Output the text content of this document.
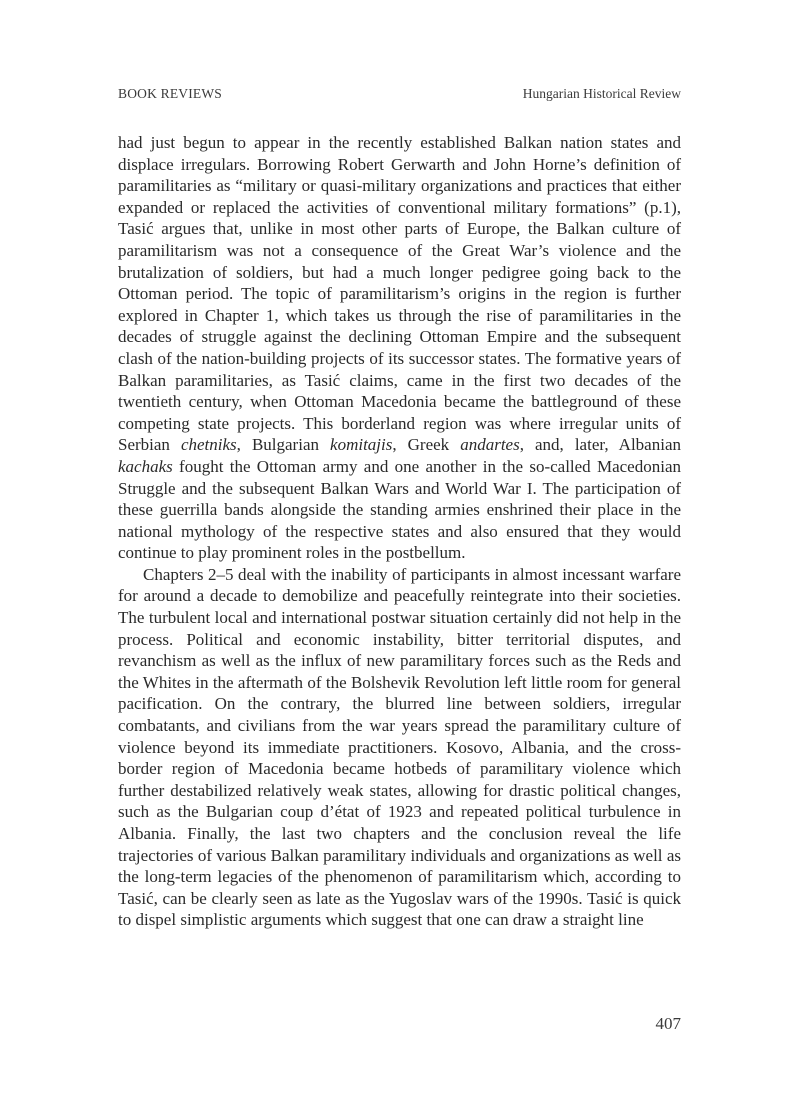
BOOK REVIEWS	Hungarian Historical Review

had just begun to appear in the recently established Balkan nation states and displace irregulars. Borrowing Robert Gerwarth and John Horne’s definition of paramilitaries as “military or quasi-military organizations and practices that either expanded or replaced the activities of conventional military formations” (p.1), Tasić argues that, unlike in most other parts of Europe, the Balkan culture of paramilitarism was not a consequence of the Great War’s violence and the brutalization of soldiers, but had a much longer pedigree going back to the Ottoman period. The topic of paramilitarism’s origins in the region is further explored in Chapter 1, which takes us through the rise of paramilitaries in the decades of struggle against the declining Ottoman Empire and the subsequent clash of the nation-building projects of its successor states. The formative years of Balkan paramilitaries, as Tasić claims, came in the first two decades of the twentieth century, when Ottoman Macedonia became the battleground of these competing state projects. This borderland region was where irregular units of Serbian chetniks, Bulgarian komitajis, Greek andartes, and, later, Albanian kachaks fought the Ottoman army and one another in the so-called Macedonian Struggle and the subsequent Balkan Wars and World War I. The participation of these guerrilla bands alongside the standing armies enshrined their place in the national mythology of the respective states and also ensured that they would continue to play prominent roles in the postbellum.

Chapters 2–5 deal with the inability of participants in almost incessant warfare for around a decade to demobilize and peacefully reintegrate into their societies. The turbulent local and international postwar situation certainly did not help in the process. Political and economic instability, bitter territorial disputes, and revanchism as well as the influx of new paramilitary forces such as the Reds and the Whites in the aftermath of the Bolshevik Revolution left little room for general pacification. On the contrary, the blurred line between soldiers, irregular combatants, and civilians from the war years spread the paramilitary culture of violence beyond its immediate practitioners. Kosovo, Albania, and the cross-border region of Macedonia became hotbeds of paramilitary violence which further destabilized relatively weak states, allowing for drastic political changes, such as the Bulgarian coup d’état of 1923 and repeated political turbulence in Albania. Finally, the last two chapters and the conclusion reveal the life trajectories of various Balkan paramilitary individuals and organizations as well as the long-term legacies of the phenomenon of paramilitarism which, according to Tasić, can be clearly seen as late as the Yugoslav wars of the 1990s. Tasić is quick to dispel simplistic arguments which suggest that one can draw a straight line

407
